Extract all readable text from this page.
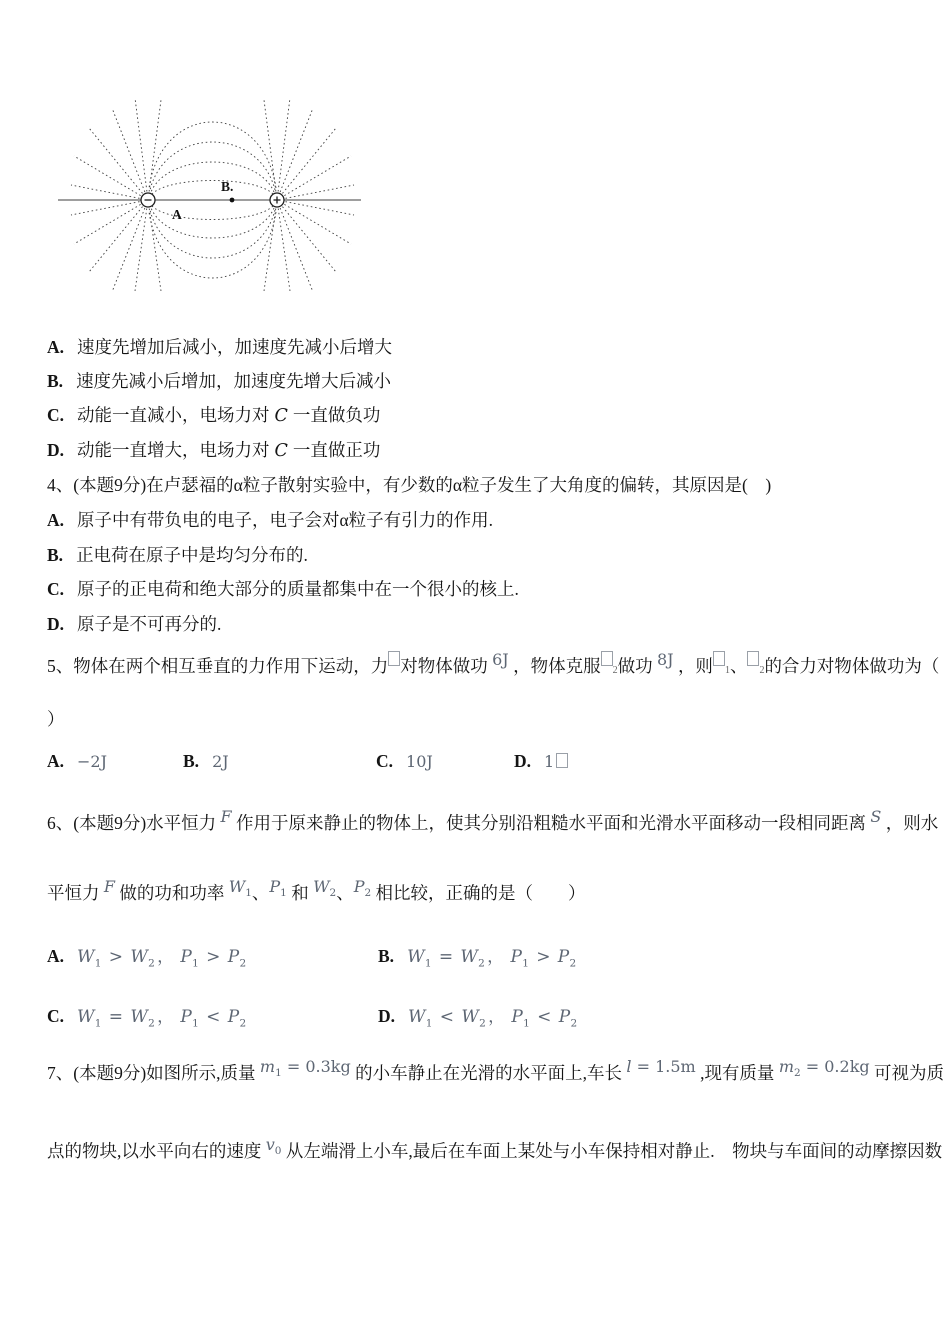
A
B.
A. 速度先增加后减小，加速度先减小后增大
B. 速度先减小后增加，加速度先增大后减小
C. 动能一直减小，电场力对 C 一直做负功
D. 动能一直增大，电场力对 C 一直做正功
4、(本题9分)在卢瑟福的α粒子散射实验中，有少数的α粒子发生了大角度的偏转，其原因是(　)
A. 原子中有带负电的电子，电子会对α粒子有引力的作用.
B. 正电荷在原子中是均匀分布的.
C. 原子的正电荷和绝大部分的质量都集中在一个很小的核上.
D. 原子是不可再分的.
5、物体在两个相互垂直的力作用下运动，力 对物体做功 6J ，物体克服 $_2$做功 8J ，则 $_1$、 $_2$的合力对物体做功为（
）
A. −2J	B. 2J	C. 10J	D. 1
6、(本题9分)水平恒力 F 作用于原来静止的物体上，使其分别沿粗糙水平面和光滑水平面移动一段相同距离 S ，则水
平恒力 F 做的功和功率 $W_1$、$P_1$ 和 $W_2$、$P_2$ 相比较，正确的是（　　）
A. $W_1 > W_2$ ， $P_1 > P_2$	B. $W_1 = W_2$ ， $P_1 > P_2$
C. $W_1 = W_2$ ， $P_1 < P_2$	D. $W_1 < W_2$ ， $P_1 < P_2$
7、(本题9分)如图所示,质量 $m_1 = 0.3kg$ 的小车静止在光滑的水平面上,车长 l = 1.5m ,现有质量 $m_2 = 0.2kg$ 可视为质
点的物块,以水平向右的速度 $v_0$ 从左端滑上小车,最后在车面上某处与小车保持相对静止.　物块与车面间的动摩擦因数
